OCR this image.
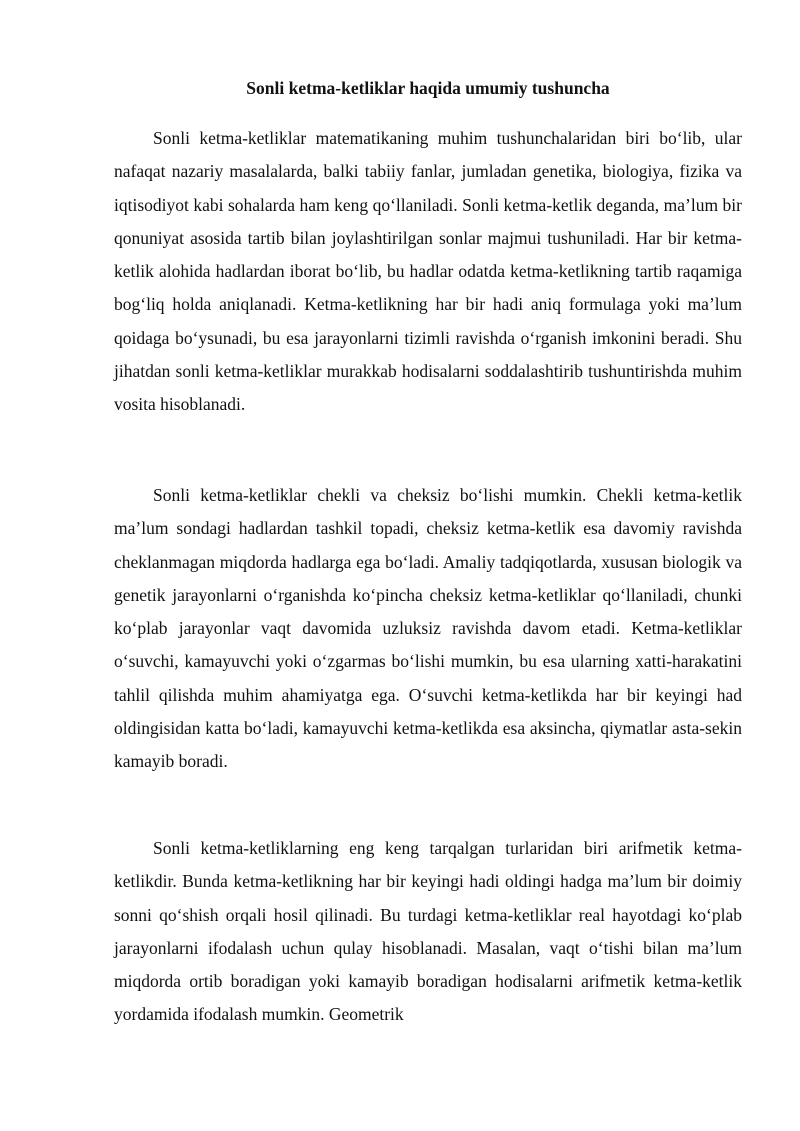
Sonli ketma-ketliklar haqida umumiy tushuncha

Sonli ketma-ketliklar matematikaning muhim tushunchalaridan biri bo‘lib, ular nafaqat nazariy masalalarda, balki tabiiy fanlar, jumladan genetika, biologiya, fizika va iqtisodiyot kabi sohalarda ham keng qo‘llaniladi. Sonli ketma-ketlik deganda, ma’lum bir qonuniyat asosida tartib bilan joylashtirilgan sonlar majmui tushuniladi. Har bir ketma-ketlik alohida hadlardan iborat bo‘lib, bu hadlar odatda ketma-ketlikning tartib raqamiga bog‘liq holda aniqlanadi. Ketma-ketlikning har bir hadi aniq formulaga yoki ma’lum qoidaga bo‘ysunadi, bu esa jarayonlarni tizimli ravishda o‘rganish imkonini beradi. Shu jihatdan sonli ketma-ketliklar murakkab hodisalarni soddalashtirib tushuntirishda muhim vosita hisoblanadi.

Sonli ketma-ketliklar chekli va cheksiz bo‘lishi mumkin. Chekli ketma-ketlik ma’lum sondagi hadlardan tashkil topadi, cheksiz ketma-ketlik esa davomiy ravishda cheklanmagan miqdorda hadlarga ega bo‘ladi. Amaliy tadqiqotlarda, xususan biologik va genetik jarayonlarni o‘rganishda ko‘pincha cheksiz ketma-ketliklar qo‘llaniladi, chunki ko‘plab jarayonlar vaqt davomida uzluksiz ravishda davom etadi. Ketma-ketliklar o‘suvchi, kamayuvchi yoki o‘zgarmas bo‘lishi mumkin, bu esa ularning xatti-harakatini tahlil qilishda muhim ahamiyatga ega. O‘suvchi ketma-ketlikda har bir keyingi had oldingisidan katta bo‘ladi, kamayuvchi ketma-ketlikda esa aksincha, qiymatlar asta-sekin kamayib boradi.

Sonli ketma-ketliklarning eng keng tarqalgan turlaridan biri arifmetik ketma-ketlikdir. Bunda ketma-ketlikning har bir keyingi hadi oldingi hadga ma’lum bir doimiy sonni qo‘shish orqali hosil qilinadi. Bu turdagi ketma-ketliklar real hayotdagi ko‘plab jarayonlarni ifodalash uchun qulay hisoblanadi. Masalan, vaqt o‘tishi bilan ma’lum miqdorda ortib boradigan yoki kamayib boradigan hodisalarni arifmetik ketma-ketlik yordamida ifodalash mumkin. Geometrik
